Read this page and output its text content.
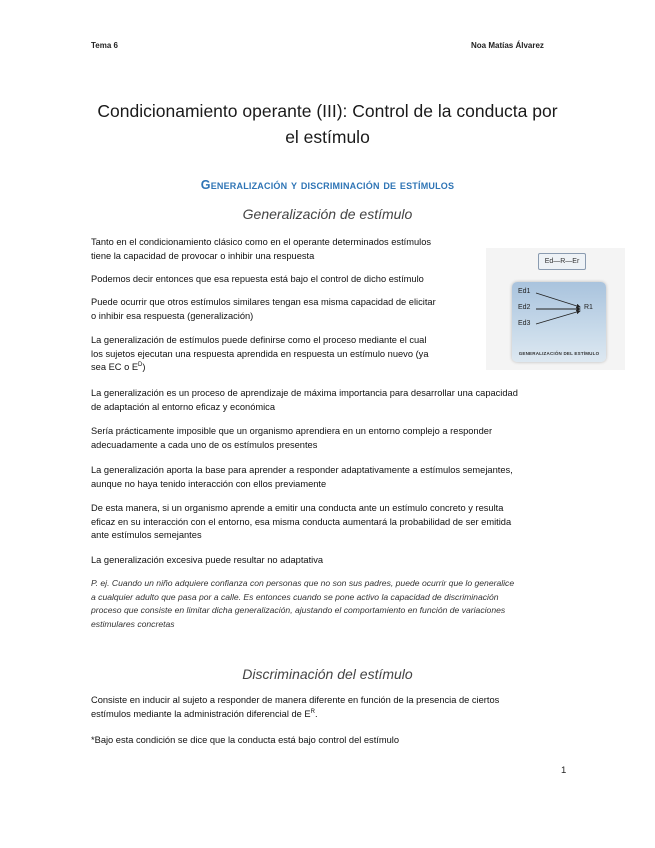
Tema 6	Noa Matías Álvarez
Condicionamiento operante (III): Control de la conducta por
el estímulo
Generalización y discriminación de estímulos
Generalización de estímulo

Tanto en el condicionamiento clásico como en el operante determinados estímulos
tiene la capacidad de provocar o inhibir una respuesta

Podemos decir entonces que esa repuesta está bajo el control de dicho estímulo

Puede ocurrir que otros estímulos similares tengan esa misma capacidad de elicitar
o inhibir esa respuesta (generalización)

La generalización de estímulos puede definirse como el proceso mediante el cual
los sujetos ejecutan una respuesta aprendida en respuesta un estímulo nuevo (ya
sea EC o $E^D$)

Ed—R—Er
Ed1
Ed2
Ed3
R1
GENERALIZACIÓN DEL ESTÍMULO

La generalización es un proceso de aprendizaje de máxima importancia para desarrollar una capacidad
de adaptación al entorno eficaz y económica

Sería prácticamente imposible que un organismo aprendiera en un entorno complejo a responder
adecuadamente a cada uno de os estímulos presentes

La generalización aporta la base para aprender a responder adaptativamente a estímulos semejantes,
aunque no haya tenido interacción con ellos previamente

De esta manera, si un organismo aprende a emitir una conducta ante un estímulo concreto y resulta
eficaz en su interacción con el entorno, esa misma conducta aumentará la probabilidad de ser emitida
ante estímulos semejantes

La generalización excesiva puede resultar no adaptativa

P. ej. Cuando un niño adquiere confianza con personas que no son sus padres, puede ocurrir que lo generalice
a cualquier adulto que pasa por a calle. Es entonces cuando se pone activo la capacidad de discriminación
proceso que consiste en limitar dicha generalización, ajustando el comportamiento en función de variaciones
estimulares concretas

Discriminación del estímulo

Consiste en inducir al sujeto a responder de manera diferente en función de la presencia de ciertos
estímulos mediante la administración diferencial de $E^R$.

*Bajo esta condición se dice que la conducta está bajo control del estímulo

1
